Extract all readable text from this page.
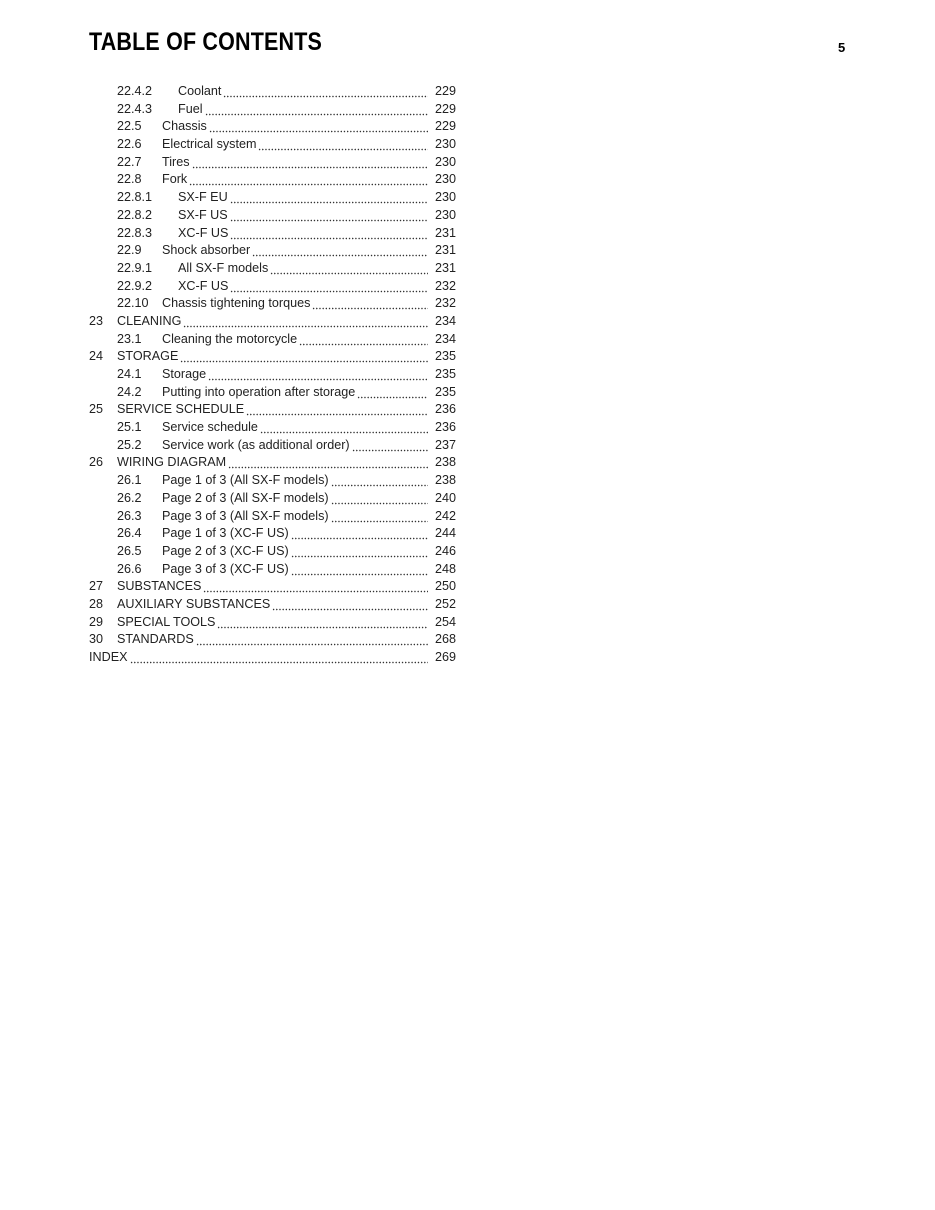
TABLE OF CONTENTS	5
22.4.2 Coolant	229
22.4.3 Fuel	229
22.5 Chassis	229
22.6 Electrical system	230
22.7 Tires	230
22.8 Fork	230
22.8.1 SX-F EU	230
22.8.2 SX-F US	230
22.8.3 XC-F US	231
22.9 Shock absorber	231
22.9.1 All SX-F models	231
22.9.2 XC-F US	232
22.10 Chassis tightening torques	232
23 CLEANING	234
23.1 Cleaning the motorcycle	234
24 STORAGE	235
24.1 Storage	235
24.2 Putting into operation after storage	235
25 SERVICE SCHEDULE	236
25.1 Service schedule	236
25.2 Service work (as additional order)	237
26 WIRING DIAGRAM	238
26.1 Page 1 of 3 (All SX-F models)	238
26.2 Page 2 of 3 (All SX-F models)	240
26.3 Page 3 of 3 (All SX-F models)	242
26.4 Page 1 of 3 (XC-F US)	244
26.5 Page 2 of 3 (XC-F US)	246
26.6 Page 3 of 3 (XC-F US)	248
27 SUBSTANCES	250
28 AUXILIARY SUBSTANCES	252
29 SPECIAL TOOLS	254
30 STANDARDS	268
INDEX	269
